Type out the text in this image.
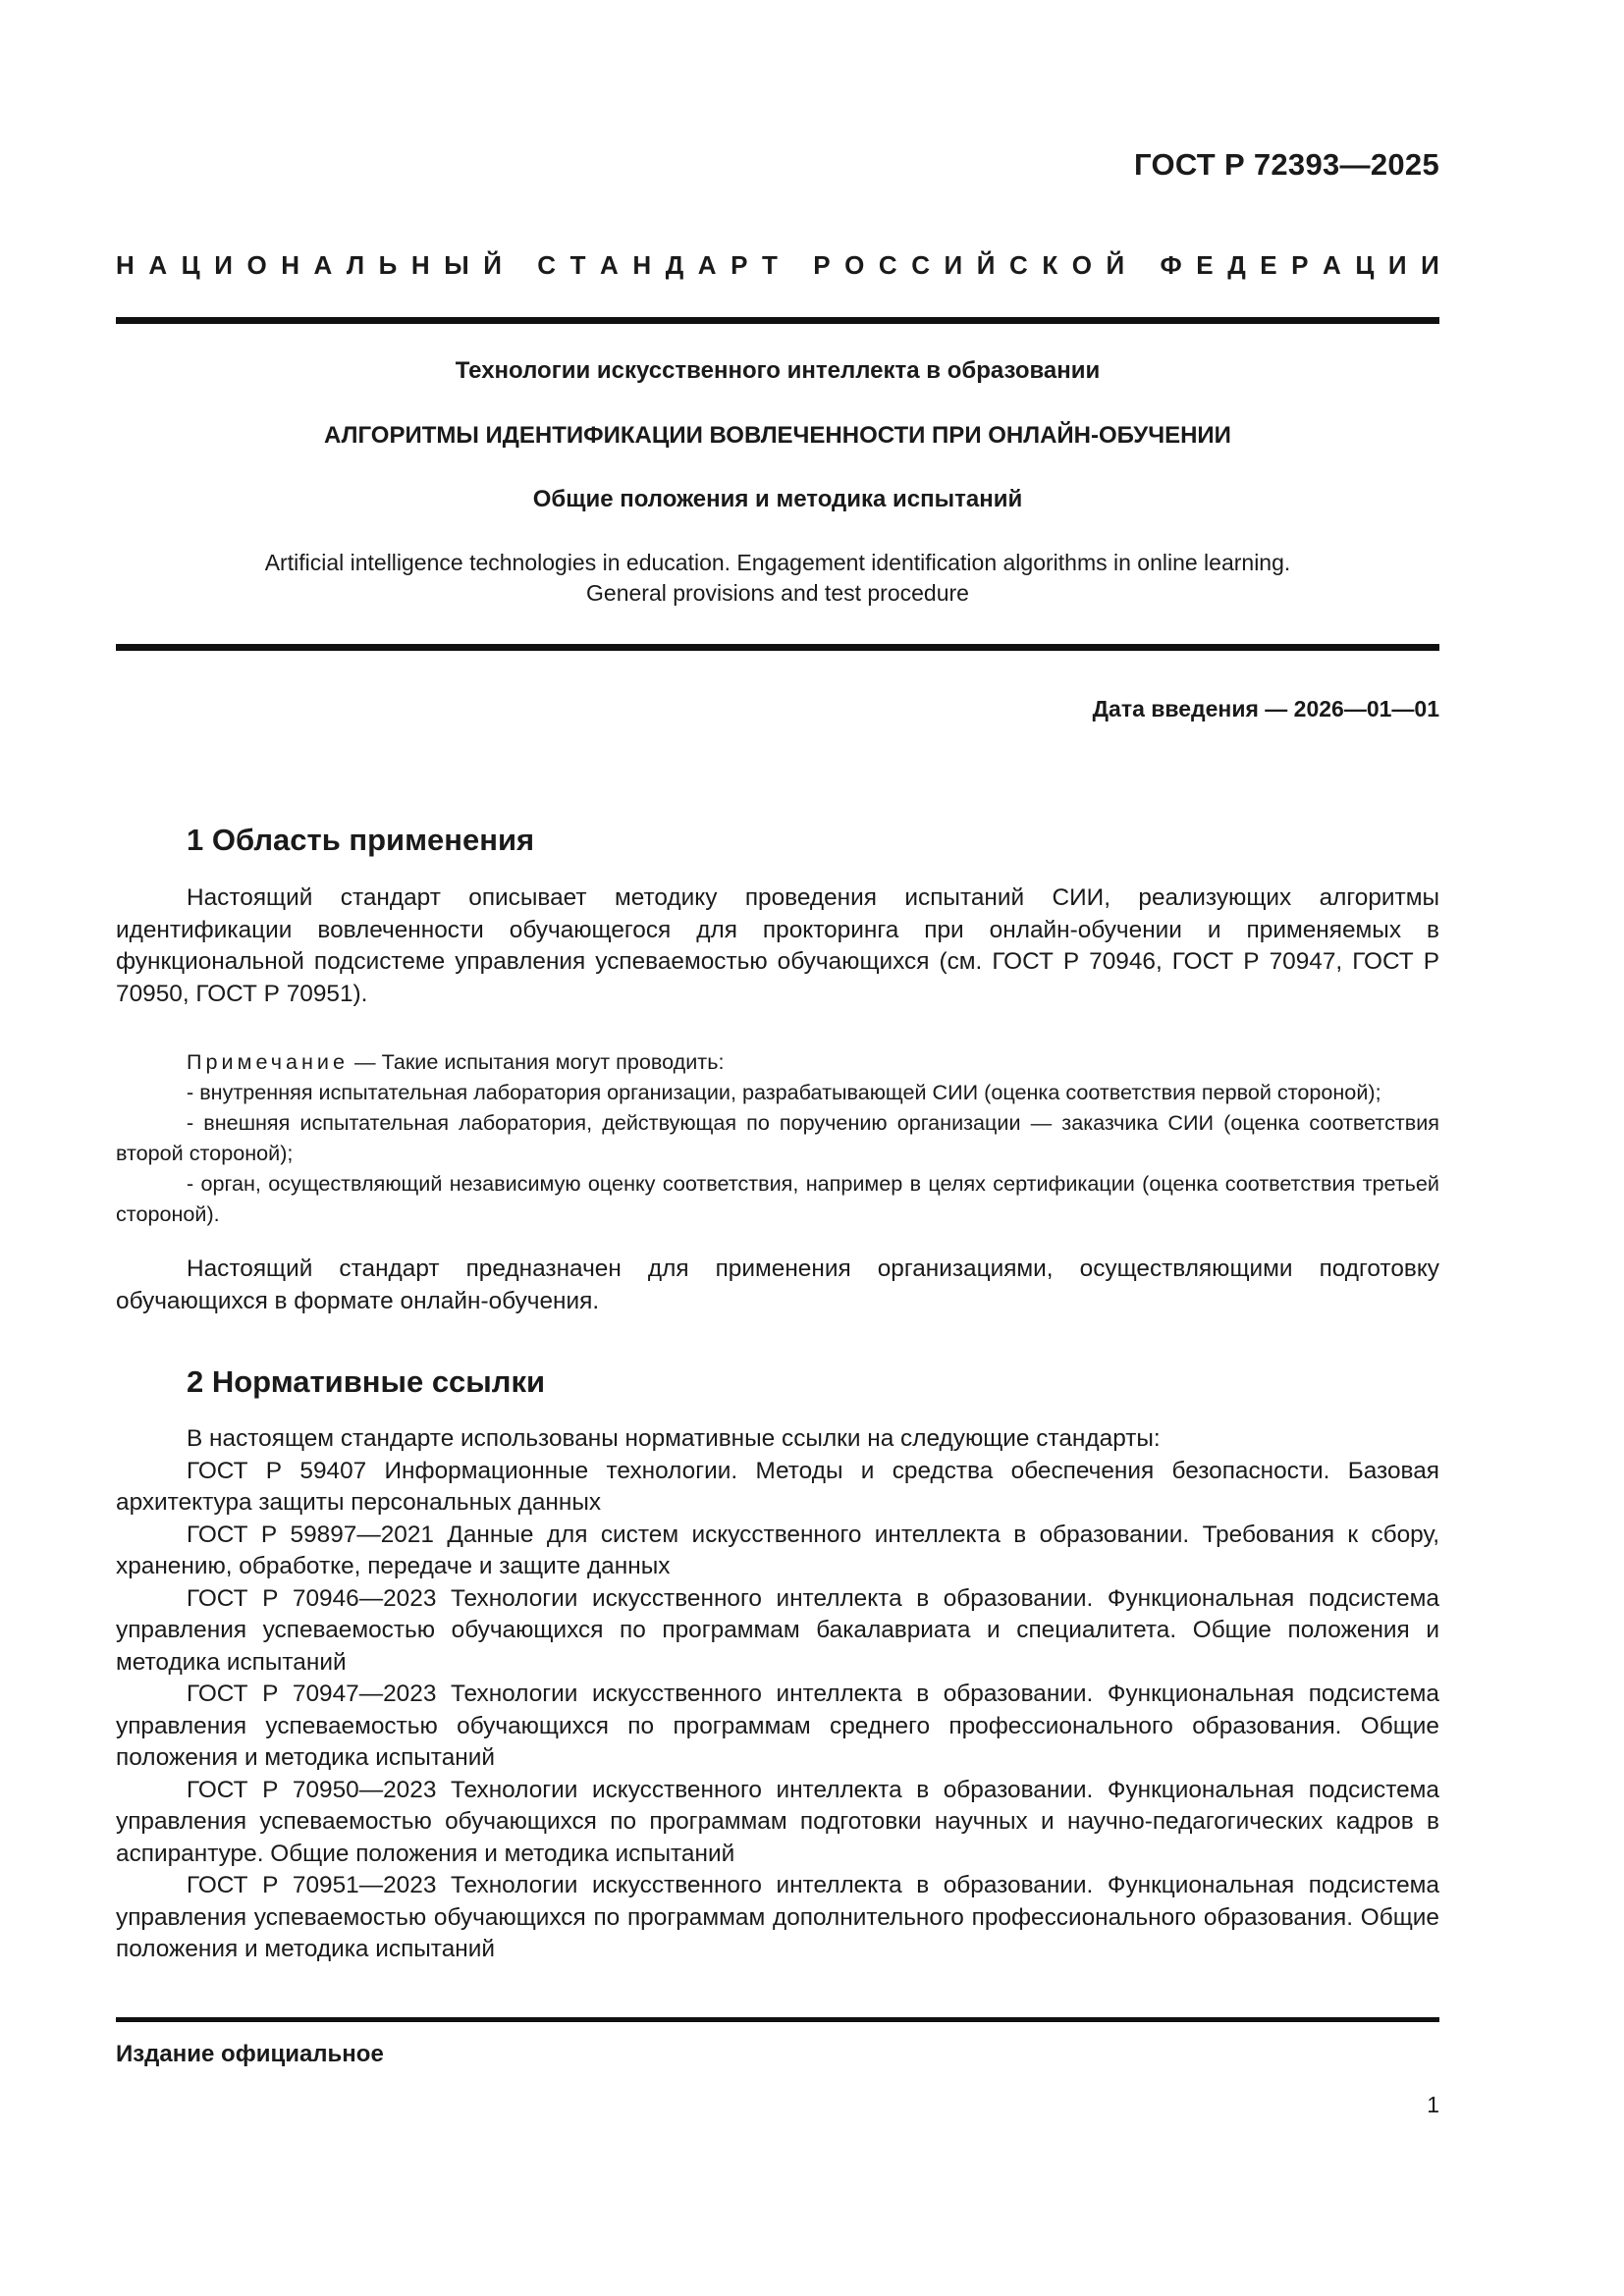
ГОСТ Р 72393—2025
Н А Ц И О Н А Л Ь Н Ы Й
С Т А Н Д А Р Т
Р О С С И Й С К О Й
Ф Е Д Е Р А Ц И И
Технологии искусственного интеллекта в образовании
АЛГОРИТМЫ ИДЕНТИФИКАЦИИ ВОВЛЕЧЕННОСТИ ПРИ ОНЛАЙН-ОБУЧЕНИИ
Общие положения и методика испытаний
Artificial intelligence technologies in education. Engagement identification algorithms in online learning.
General provisions and test procedure
Дата введения — 2026—01—01
1 Область применения

Настоящий стандарт описывает методику проведения испытаний СИИ, реализующих алгоритмы идентификации вовлеченности обучающегося для прокторинга при онлайн-обучении и применяемых в функциональной подсистеме управления успеваемостью обучающихся (см. ГОСТ Р 70946, ГОСТ Р 70947, ГОСТ Р 70950, ГОСТ Р 70951).

Примечание — Такие испытания могут проводить:

- внутренняя испытательная лаборатория организации, разрабатывающей СИИ (оценка соответствия первой стороной);

- внешняя испытательная лаборатория, действующая по поручению организации — заказчика СИИ (оценка соответствия второй стороной);

- орган, осуществляющий независимую оценку соответствия, например в целях сертификации (оценка соответствия третьей стороной).

Настоящий стандарт предназначен для применения организациями, осуществляющими подготовку обучающихся в формате онлайн-обучения.

2 Нормативные ссылки

В настоящем стандарте использованы нормативные ссылки на следующие стандарты:

ГОСТ Р 59407 Информационные технологии. Методы и средства обеспечения безопасности. Базовая архитектура защиты персональных данных

ГОСТ Р 59897—2021 Данные для систем искусственного интеллекта в образовании. Требования к сбору, хранению, обработке, передаче и защите данных

ГОСТ Р 70946—2023 Технологии искусственного интеллекта в образовании. Функциональная подсистема управления успеваемостью обучающихся по программам бакалавриата и специалитета. Общие положения и методика испытаний

ГОСТ Р 70947—2023 Технологии искусственного интеллекта в образовании. Функциональная подсистема управления успеваемостью обучающихся по программам среднего профессионального образования. Общие положения и методика испытаний

ГОСТ Р 70950—2023 Технологии искусственного интеллекта в образовании. Функциональная подсистема управления успеваемостью обучающихся по программам подготовки научных и научно-педагогических кадров в аспирантуре. Общие положения и методика испытаний

ГОСТ Р 70951—2023 Технологии искусственного интеллекта в образовании. Функциональная подсистема управления успеваемостью обучающихся по программам дополнительного профессионального образования. Общие положения и методика испытаний

Издание официальное
1
